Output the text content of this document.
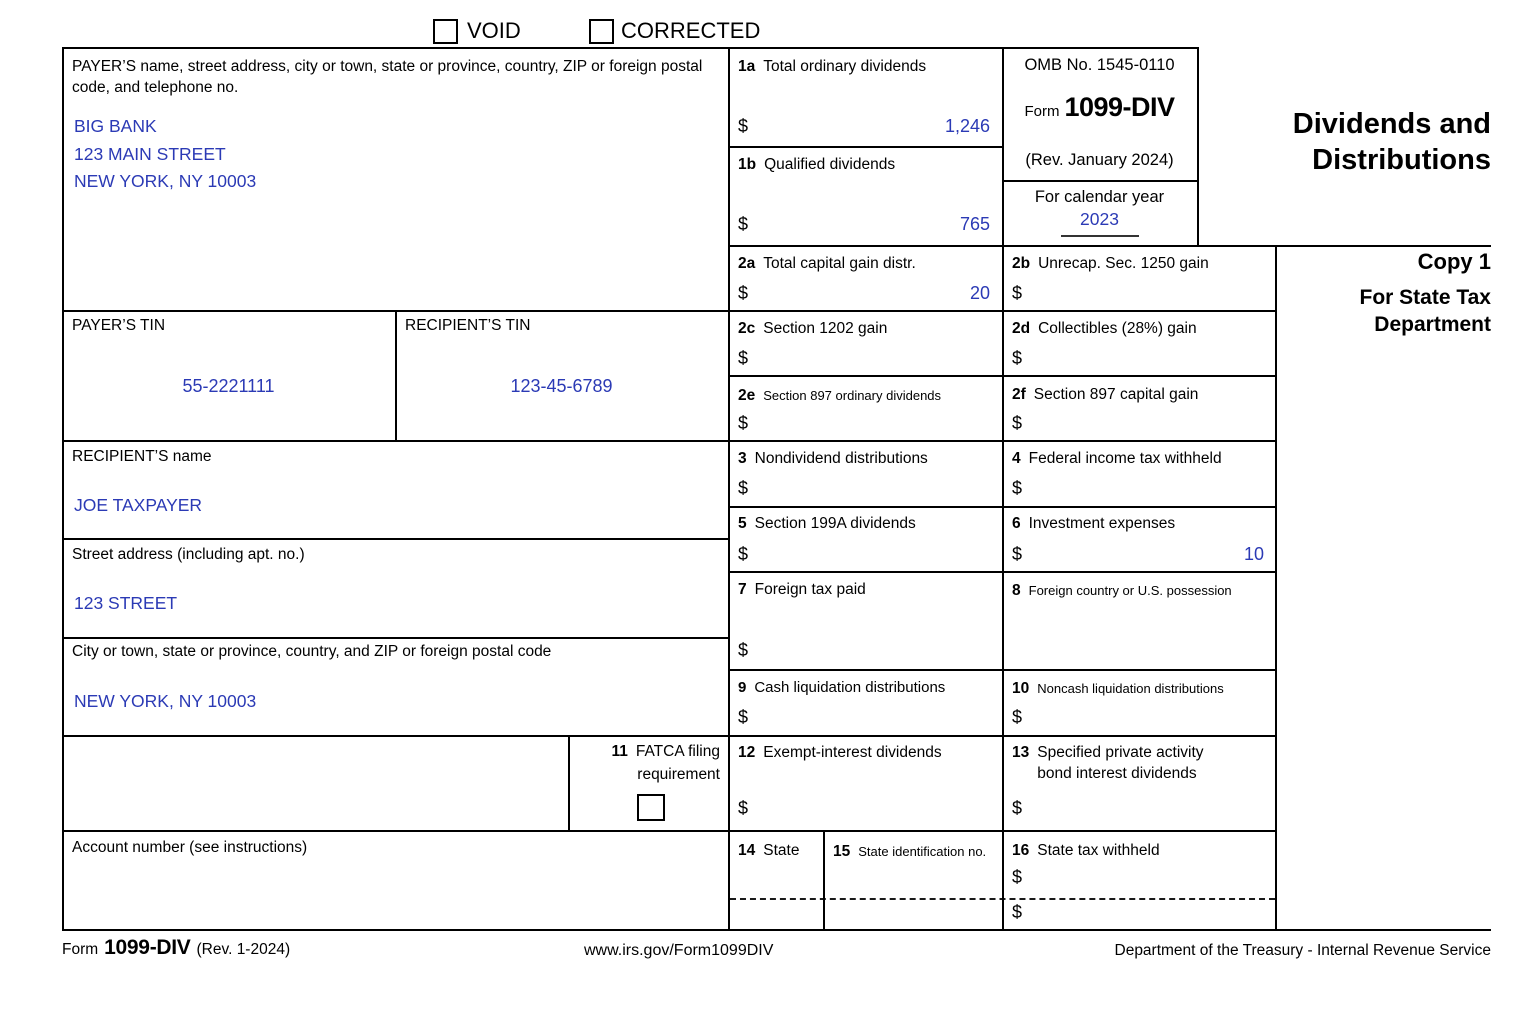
VOID	CORRECTED
PAYER’S name, street address, city or town, state or province, country, ZIP or foreign postal code, and telephone no.
BIG BANK
123 MAIN STREET
NEW YORK, NY 10003
PAYER’S TIN	RECIPIENT’S TIN
55-2221111	123-45-6789
RECIPIENT’S name
JOE TAXPAYER
Street address (including apt. no.)
123 STREET
City or town, state or province, country, and ZIP or foreign postal code
NEW YORK, NY 10003
Account number (see instructions)
OMB No. 1545-0110
Form 1099-DIV
(Rev. January 2024)
For calendar year
2023
Dividends and
Distributions
Copy 1
For State Tax
Department
1a Total ordinary dividends
$	1,246
1b Qualified dividends
$	765
2a Total capital gain distr.
$	20
2b Unrecap. Sec. 1250 gain
$
2c Section 1202 gain
$
2d Collectibles (28%) gain
$
2e Section 897 ordinary dividends
$
2f Section 897 capital gain
$
3 Nondividend distributions
$
4 Federal income tax withheld
$
5 Section 199A dividends
$
6 Investment expenses
$	10
7 Foreign tax paid
$
8 Foreign country or U.S. possession
9 Cash liquidation distributions
$
10 Noncash liquidation distributions
$
11 FATCA filing
requirement
12 Exempt-interest dividends
$
13 Specified private activity
bond interest dividends
$
14 State 15 State identification no. 16 State tax withheld
$
$
Form 1099-DIV (Rev. 1-2024)	www.irs.gov/Form1099DIV	Department of the Treasury - Internal Revenue Service
